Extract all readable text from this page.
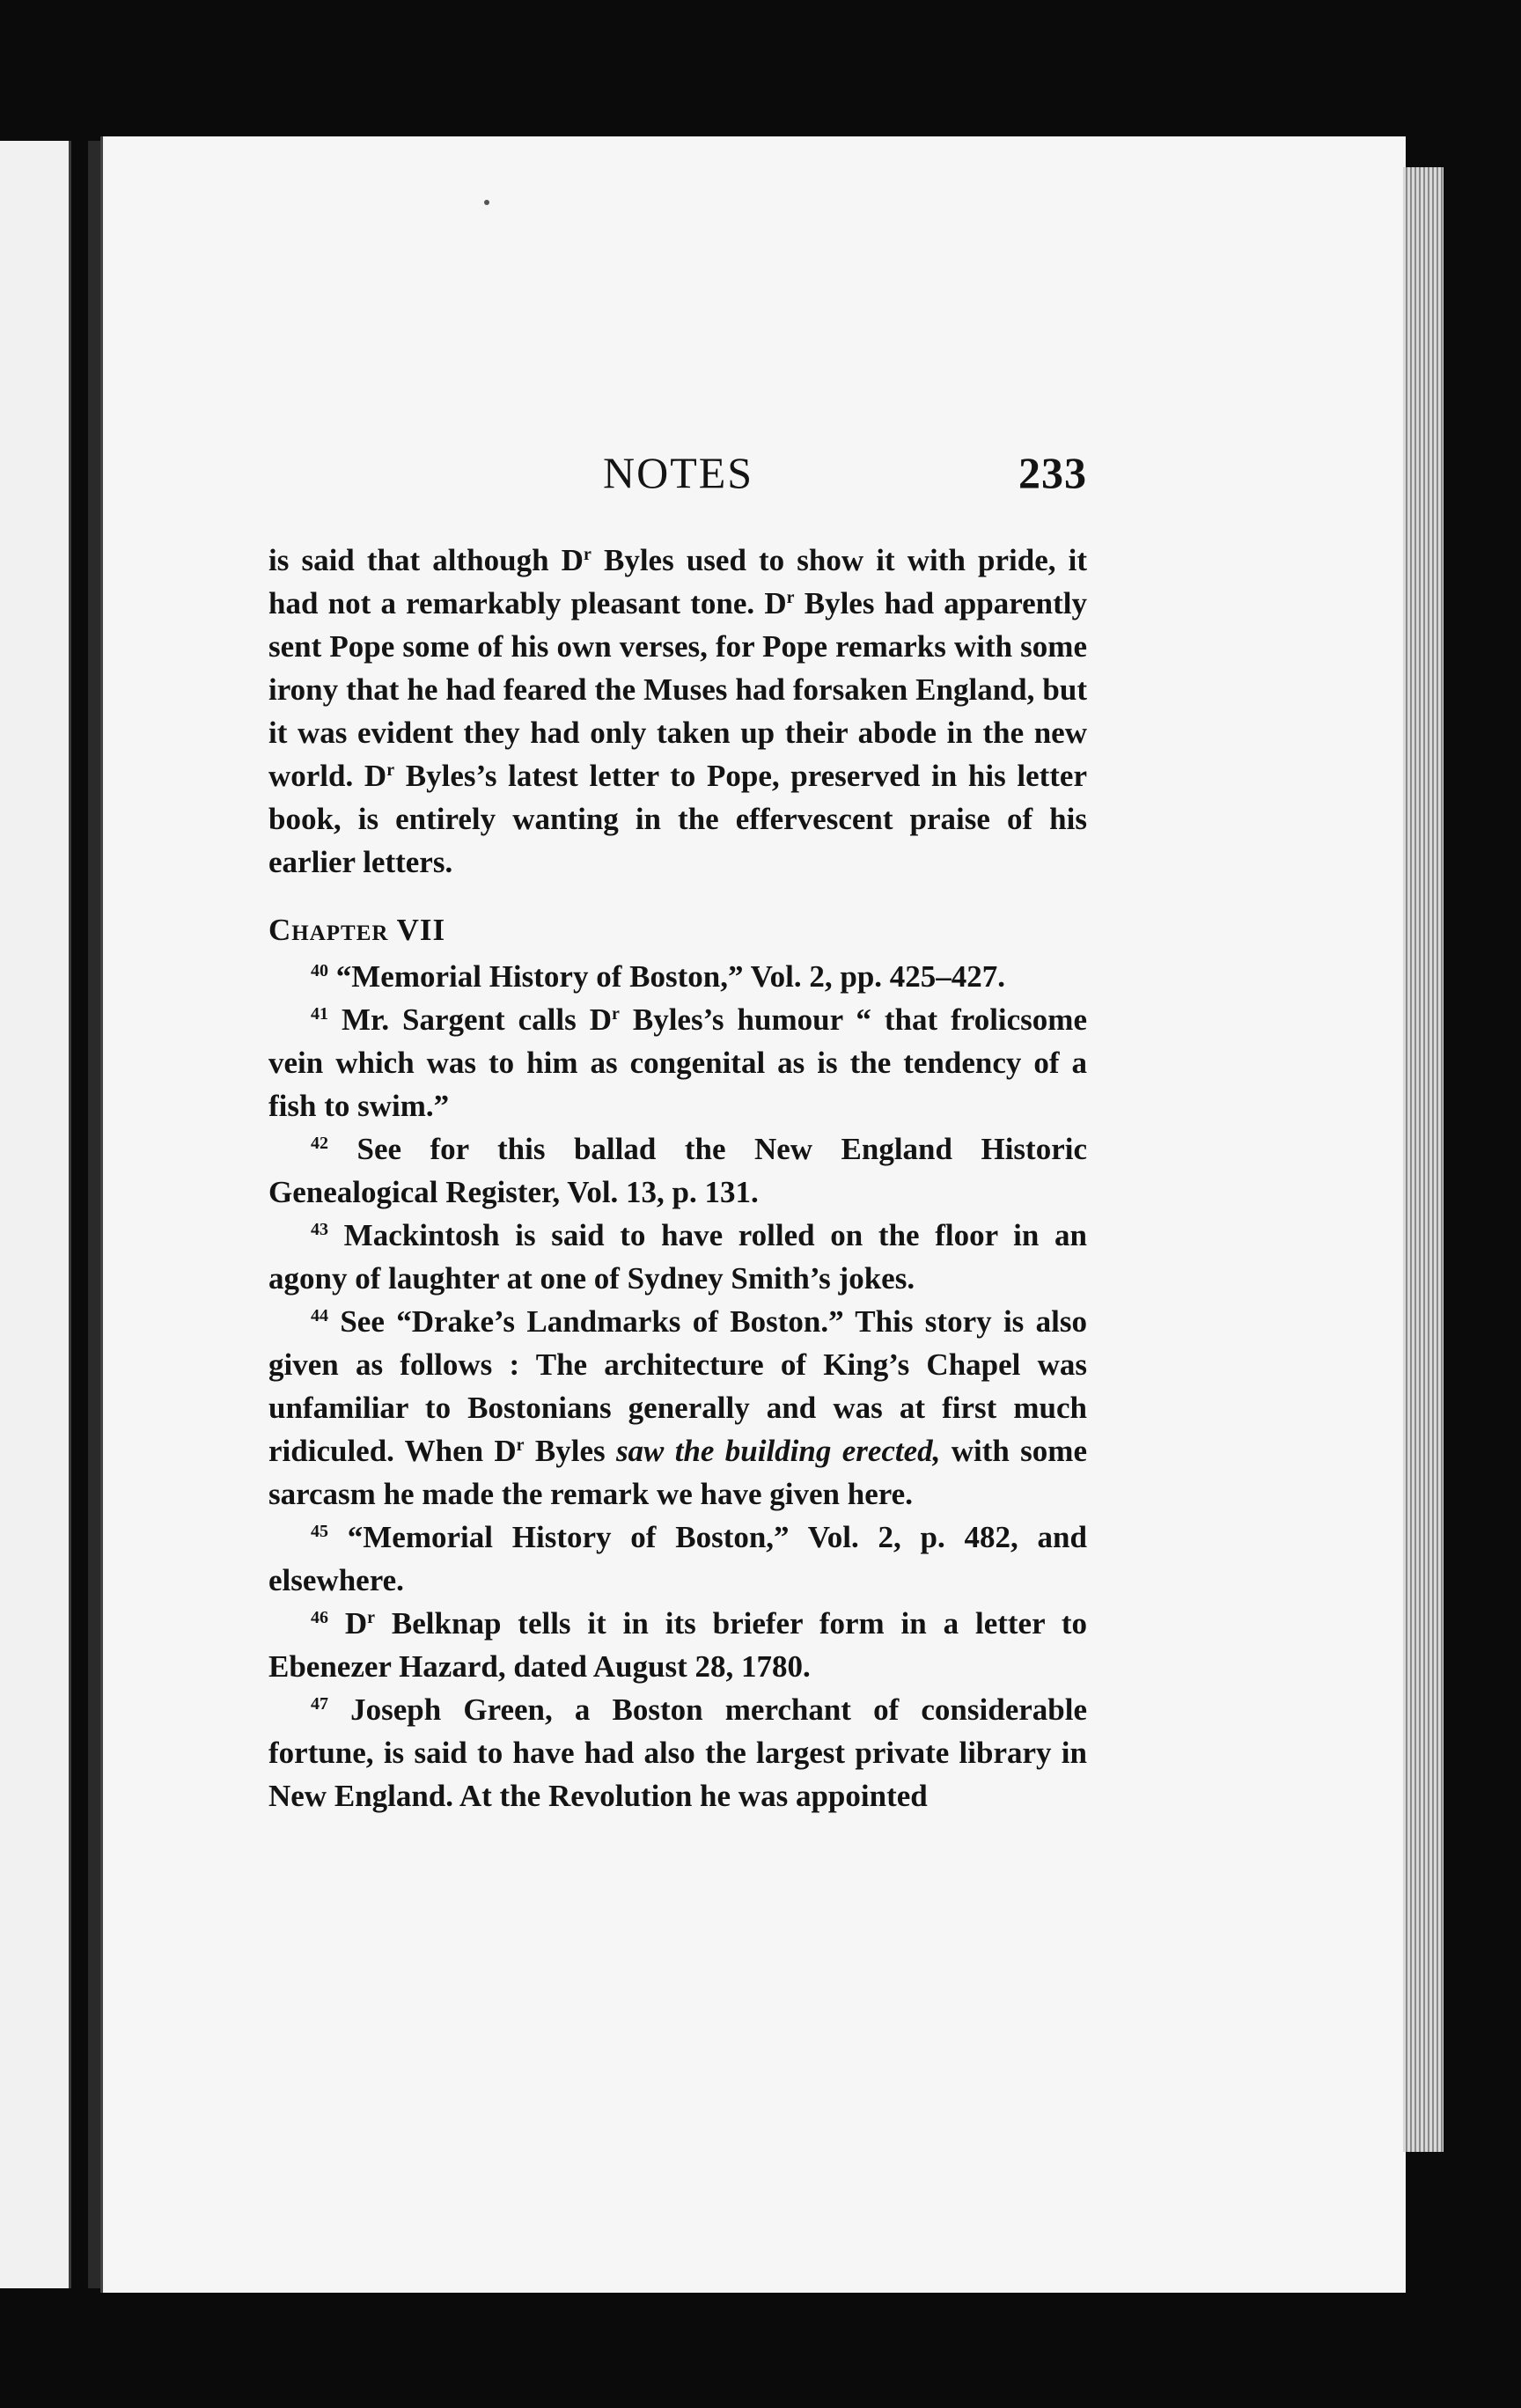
NOTES	233

is said that although $D^r$ Byles used to show it with pride, it had not a remarkably pleasant tone. $D^r$ Byles had apparently sent Pope some of his own verses, for Pope remarks with some irony that he had feared the Muses had forsaken England, but it was evident they had only taken up their abode in the new world. $D^r$ Byles’s latest letter to Pope, preserved in his letter book, is entirely wanting in the effervescent praise of his earlier letters.

Chapter VII

$^{40}$ “Memorial History of Boston,” Vol. 2, pp. 425–427.

$^{41}$ Mr. Sargent calls $D^r$ Byles’s humour “ that frolicsome vein which was to him as congenital as is the tendency of a fish to swim.”

$^{42}$ See for this ballad the New England Historic Genealogical Register, Vol. 13, p. 131.

$^{43}$ Mackintosh is said to have rolled on the floor in an agony of laughter at one of Sydney Smith’s jokes.

$^{44}$ See “Drake’s Landmarks of Boston.” This story is also given as follows : The architecture of King’s Chapel was unfamiliar to Bostonians generally and was at first much ridiculed. When $D^r$ Byles saw the building erected, with some sarcasm he made the remark we have given here.

$^{45}$ “Memorial History of Boston,” Vol. 2, p. 482, and elsewhere.

$^{46}$ $D^r$ Belknap tells it in its briefer form in a letter to Ebenezer Hazard, dated August 28, 1780.

$^{47}$ Joseph Green, a Boston merchant of considerable fortune, is said to have had also the largest private library in New England. At the Revolution he was appointed
